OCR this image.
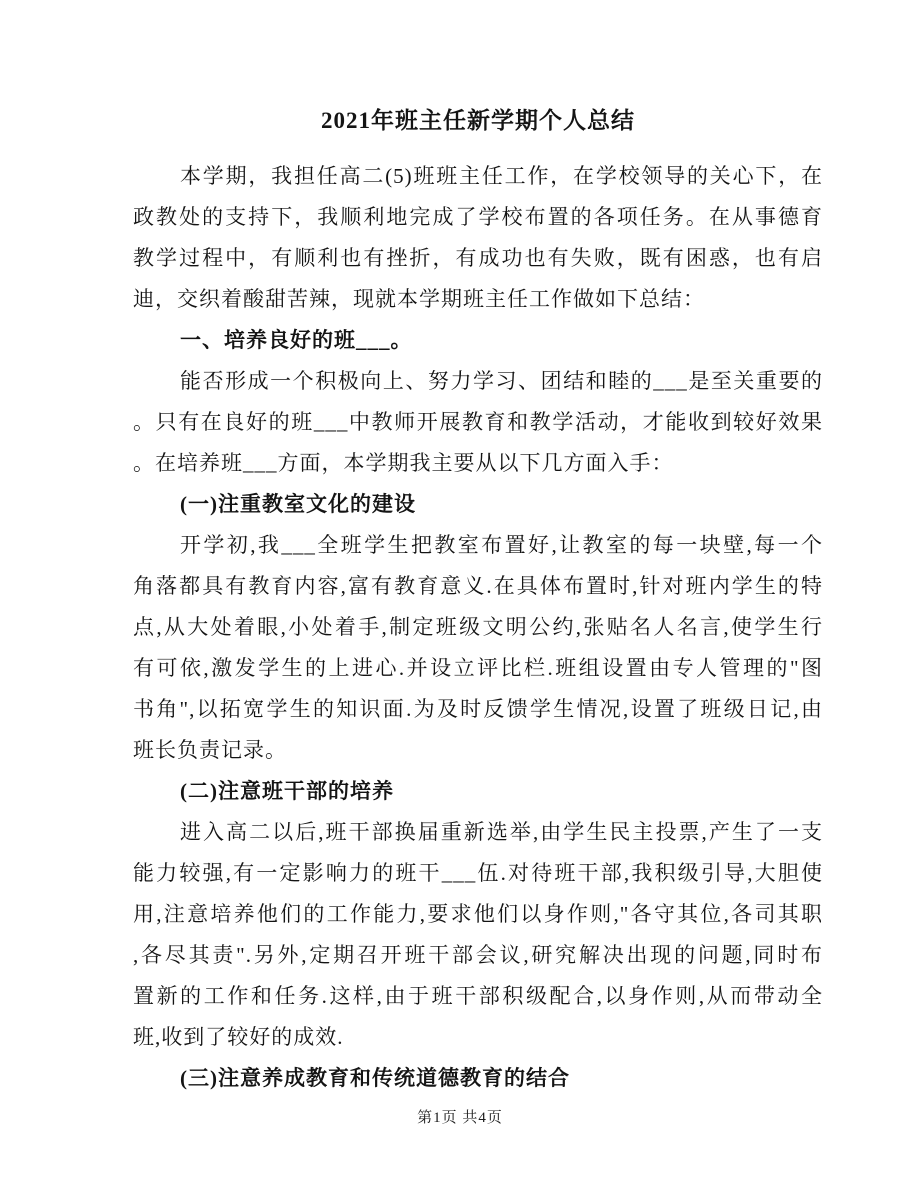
2021年班主任新学期个人总结
本学期，我担任高二(5)班班主任工作，在学校领导的关心下，在
政教处的支持下，我顺利地完成了学校布置的各项任务。在从事德育
教学过程中，有顺利也有挫折，有成功也有失败，既有困惑，也有启
迪，交织着酸甜苦辣，现就本学期班主任工作做如下总结：
一、培养良好的班___。
能否形成一个积极向上、努力学习、团结和睦的___是至关重要的
。只有在良好的班___中教师开展教育和教学活动，才能收到较好效果
。在培养班___方面，本学期我主要从以下几方面入手：
(一)注重教室文化的建设
开学初,我___全班学生把教室布置好,让教室的每一块壁,每一个
角落都具有教育内容,富有教育意义.在具体布置时,针对班内学生的特
点,从大处着眼,小处着手,制定班级文明公约,张贴名人名言,使学生行
有可依,激发学生的上进心.并设立评比栏.班组设置由专人管理的"图
书角",以拓宽学生的知识面.为及时反馈学生情况,设置了班级日记,由
班长负责记录。
(二)注意班干部的培养
进入高二以后,班干部换届重新选举,由学生民主投票,产生了一支
能力较强,有一定影响力的班干___伍.对待班干部,我积级引导,大胆使
用,注意培养他们的工作能力,要求他们以身作则,"各守其位,各司其职
,各尽其责".另外,定期召开班干部会议,研究解决出现的问题,同时布
置新的工作和任务.这样,由于班干部积级配合,以身作则,从而带动全
班,收到了较好的成效.
(三)注意养成教育和传统道德教育的结合
第1页 共4页
